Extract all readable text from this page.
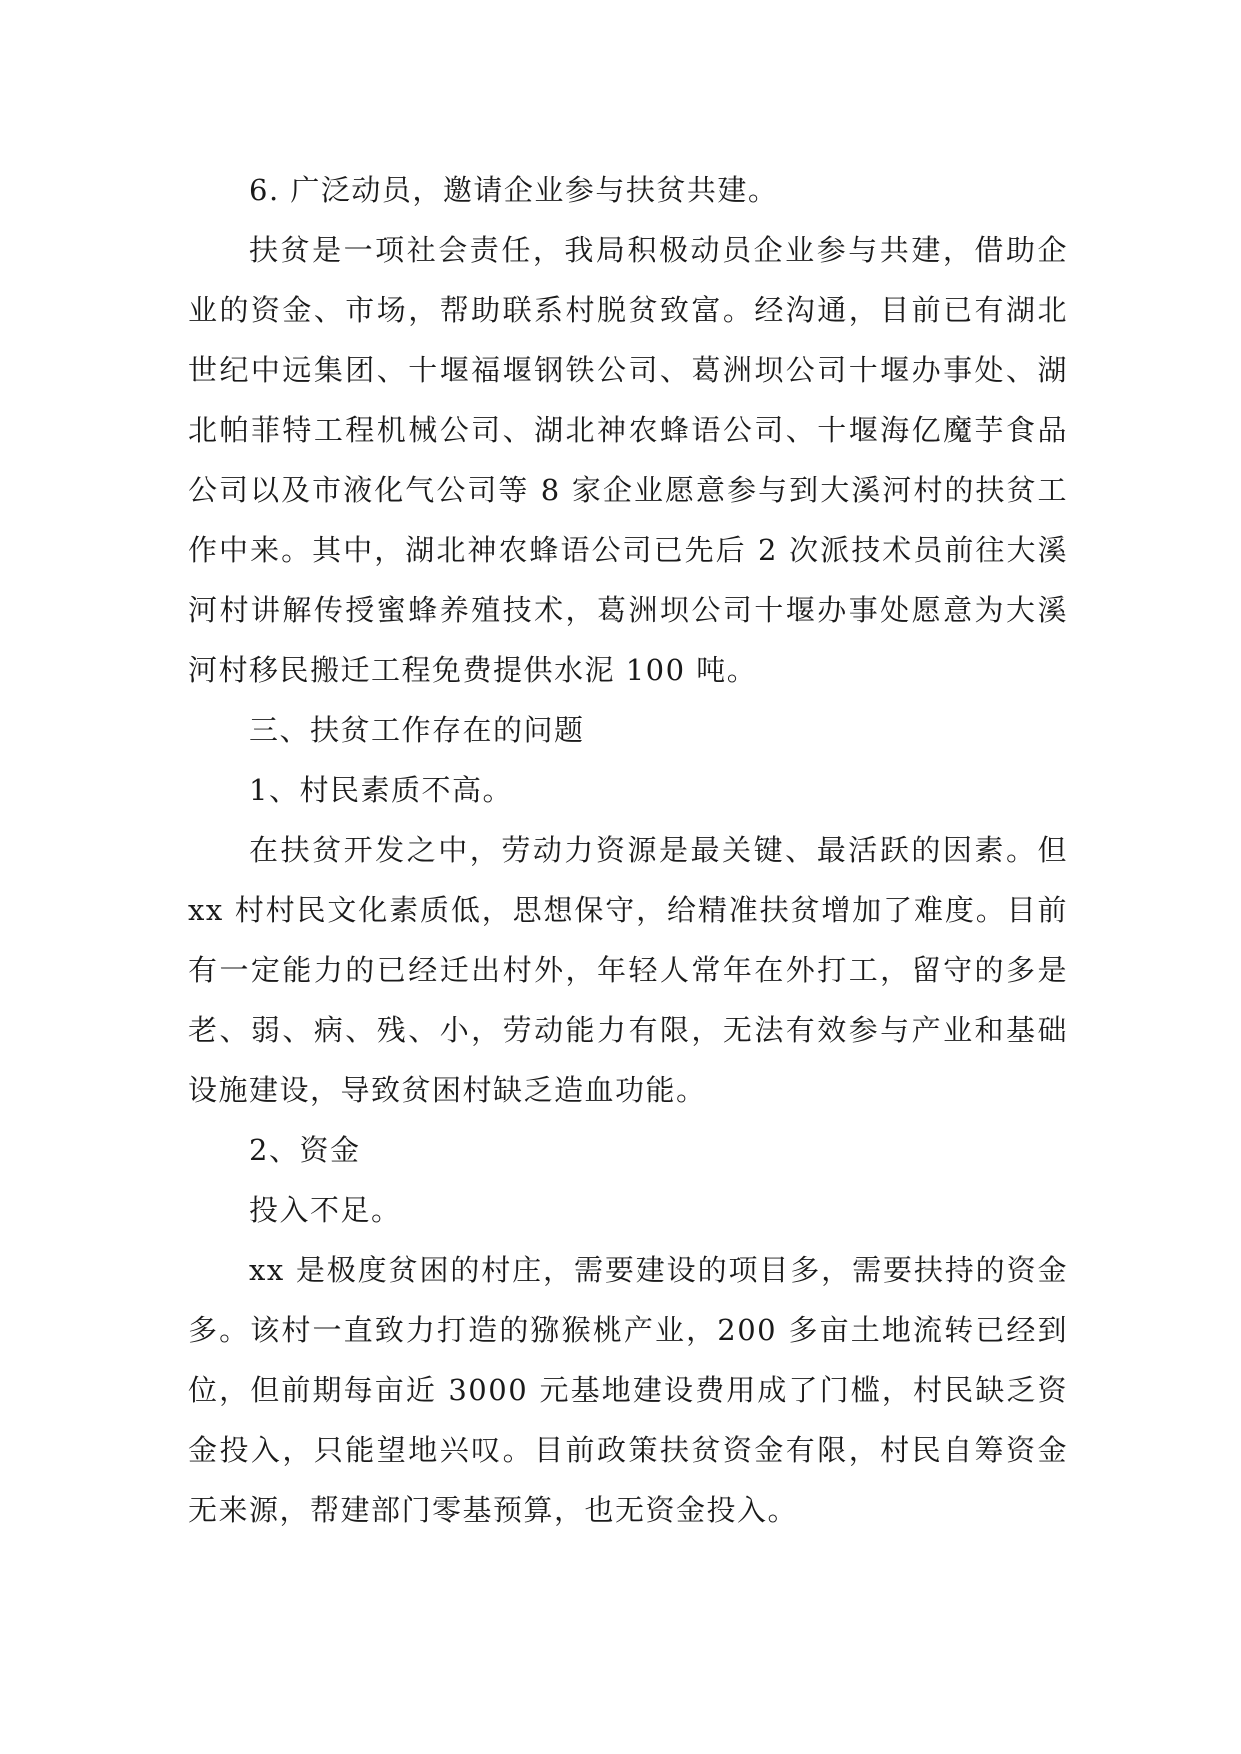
6. 广泛动员，邀请企业参与扶贫共建。

扶贫是一项社会责任，我局积极动员企业参与共建，借助企业的资金、市场，帮助联系村脱贫致富。经沟通，目前已有湖北世纪中远集团、十堰福堰钢铁公司、葛洲坝公司十堰办事处、湖北帕菲特工程机械公司、湖北神农蜂语公司、十堰海亿魔芋食品公司以及市液化气公司等 8 家企业愿意参与到大溪河村的扶贫工作中来。其中，湖北神农蜂语公司已先后 2 次派技术员前往大溪河村讲解传授蜜蜂养殖技术，葛洲坝公司十堰办事处愿意为大溪河村移民搬迁工程免费提供水泥 100 吨。

三、扶贫工作存在的问题

1、村民素质不高。

在扶贫开发之中，劳动力资源是最关键、最活跃的因素。但 xx 村村民文化素质低，思想保守，给精准扶贫增加了难度。目前有一定能力的已经迁出村外，年轻人常年在外打工，留守的多是老、弱、病、残、小，劳动能力有限，无法有效参与产业和基础设施建设，导致贫困村缺乏造血功能。

2、资金

投入不足。

xx 是极度贫困的村庄，需要建设的项目多，需要扶持的资金多。该村一直致力打造的猕猴桃产业，200 多亩土地流转已经到位，但前期每亩近 3000 元基地建设费用成了门槛，村民缺乏资金投入，只能望地兴叹。目前政策扶贫资金有限，村民自筹资金无来源，帮建部门零基预算，也无资金投入。
